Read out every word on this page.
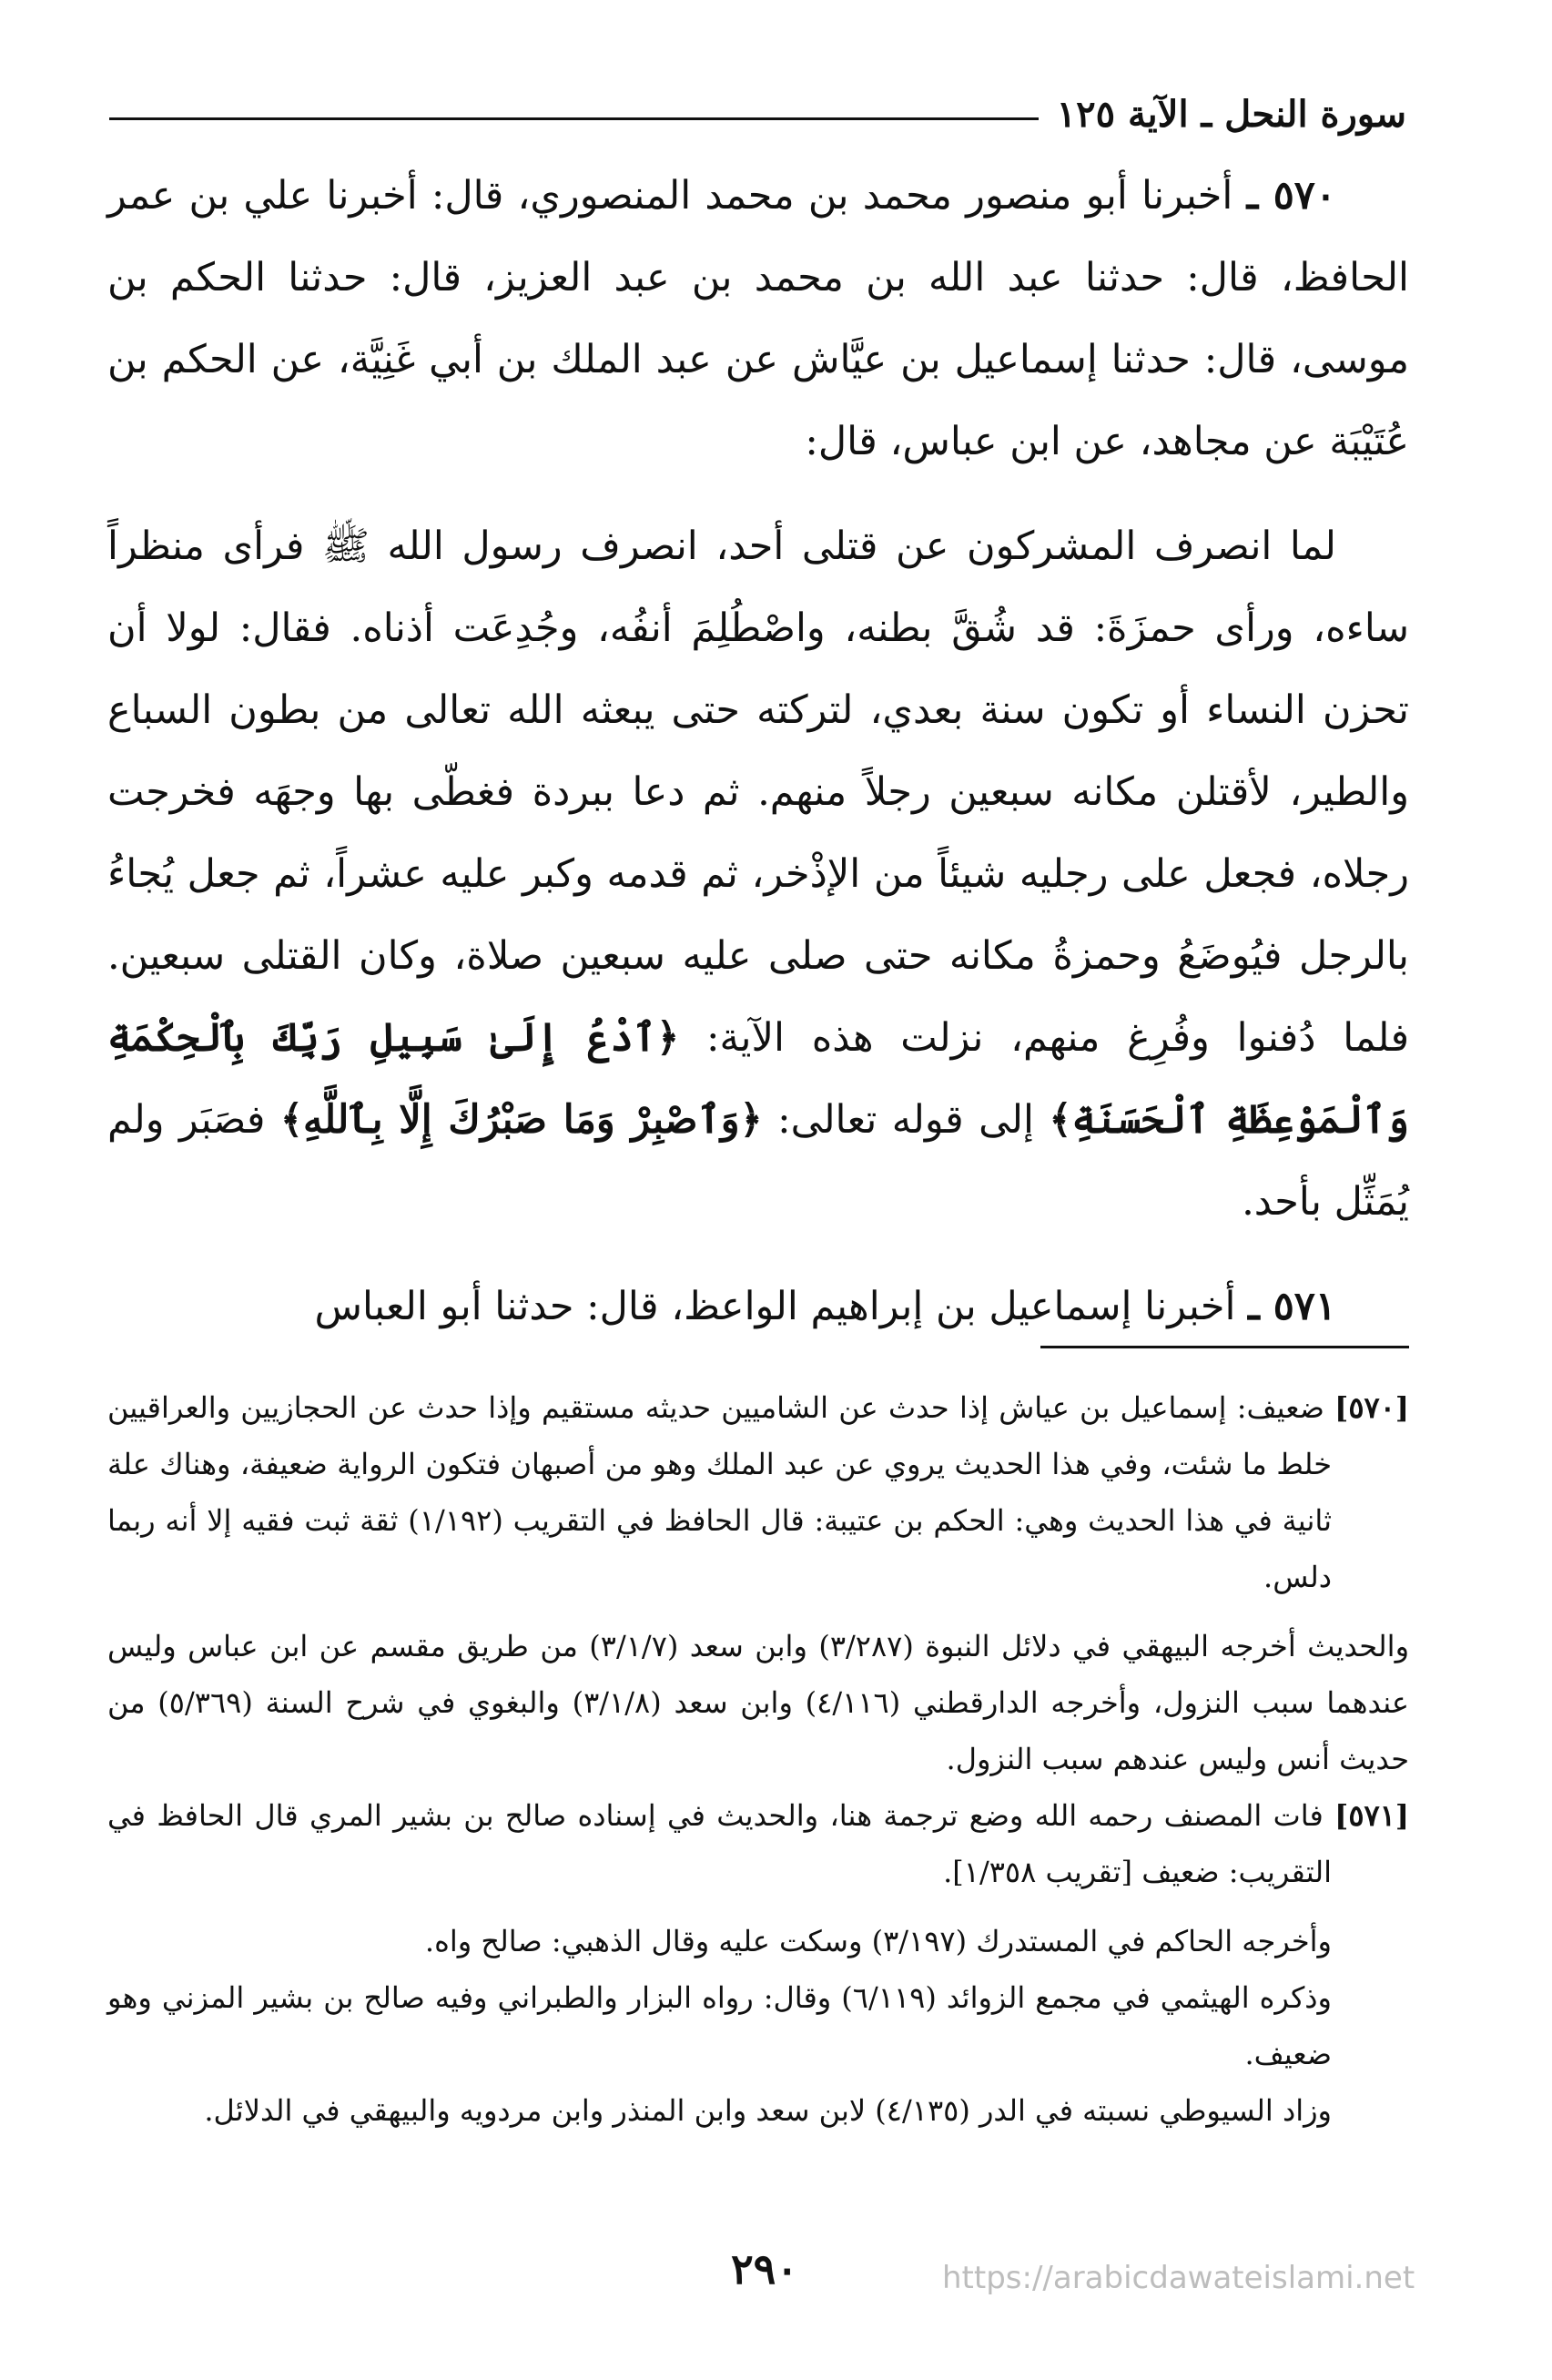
سورة النحل ـ الآية ١٢٥

٥٧٠ ـ أخبرنا أبو منصور محمد بن محمد المنصوري، قال: أخبرنا علي بن عمر الحافظ، قال: حدثنا عبد الله بن محمد بن عبد العزيز، قال: حدثنا الحكم بن موسى، قال: حدثنا إسماعيل بن عيَّاش عن عبد الملك بن أبي غَنِيَّة، عن الحكم بن عُتَيْبَة عن مجاهد، عن ابن عباس، قال:

لما انصرف المشركون عن قتلى أحد، انصرف رسول الله ﷺ فرأى منظراً ساءه، ورأى حمزَةَ: قد شُقَّ بطنه، واصْطُلِمَ أنفُه، وجُدِعَت أذناه. فقال: لولا أن تحزن النساء أو تكون سنة بعدي، لتركته حتى يبعثه الله تعالى من بطون السباع والطير، لأقتلن مكانه سبعين رجلاً منهم. ثم دعا ببردة فغطّى بها وجهَه فخرجت رجلاه، فجعل على رجليه شيئاً من الإذْخر، ثم قدمه وكبر عليه عشراً، ثم جعل يُجاءُ بالرجل فيُوضَعُ وحمزةُ مكانه حتى صلى عليه سبعين صلاة، وكان القتلى سبعين. فلما دُفنوا وفُرِغ منهم، نزلت هذه الآية: ﴿ٱدْعُ إِلَىٰ سَبِيلِ رَبِّكَ بِٱلْحِكْمَةِ وَٱلْمَوْعِظَةِ ٱلْحَسَنَةِ﴾ إلى قوله تعالى: ﴿وَٱصْبِرْ وَمَا صَبْرُكَ إِلَّا بِٱللَّهِ﴾ فصَبَر ولم يُمَثِّل بأحد.

٥٧١ ـ أخبرنا إسماعيل بن إبراهيم الواعظ، قال: حدثنا أبو العباس

[٥٧٠] ضعيف: إسماعيل بن عياش إذا حدث عن الشاميين حديثه مستقيم وإذا حدث عن الحجازيين والعراقيين خلط ما شئت، وفي هذا الحديث يروي عن عبد الملك وهو من أصبهان فتكون الرواية ضعيفة، وهناك علة ثانية في هذا الحديث وهي: الحكم بن عتيبة: قال الحافظ في التقريب (١/١٩٢) ثقة ثبت فقيه إلا أنه ربما دلس.

والحديث أخرجه البيهقي في دلائل النبوة (٣/٢٨٧) وابن سعد (٣/١/٧) من طريق مقسم عن ابن عباس وليس عندهما سبب النزول، وأخرجه الدارقطني (٤/١١٦) وابن سعد (٣/١/٨) والبغوي في شرح السنة (٥/٣٦٩) من حديث أنس وليس عندهم سبب النزول.

[٥٧١] فات المصنف رحمه الله وضع ترجمة هنا، والحديث في إسناده صالح بن بشير المري قال الحافظ في التقريب: ضعيف [تقريب ١/٣٥٨].

وأخرجه الحاكم في المستدرك (٣/١٩٧) وسكت عليه وقال الذهبي: صالح واه.

وذكره الهيثمي في مجمع الزوائد (٦/١١٩) وقال: رواه البزار والطبراني وفيه صالح بن بشير المزني وهو ضعيف.

وزاد السيوطي نسبته في الدر (٤/١٣٥) لابن سعد وابن المنذر وابن مردويه والبيهقي في الدلائل.

٢٩٠	https://arabicdawateislami.net
